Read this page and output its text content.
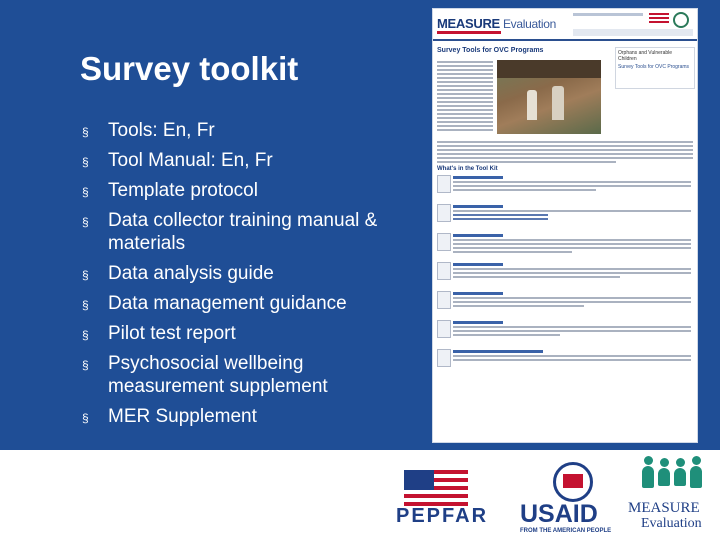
Survey toolkit
§ Tools: En, Fr
§ Tool Manual: En, Fr
§ Template protocol
§ Data collector training manual & materials
§ Data analysis guide
§ Data management guidance
§ Pilot test report
§ Psychosocial wellbeing measurement supplement
§ MER Supplement
MEASURE Evaluation
Survey Tools for OVC Programs	Orphans and Vulnerable Children
Survey Tools for OVC Programs
What's in the Tool Kit
PEPFAR	USAID
FROM THE AMERICAN PEOPLE
MEASURE
Evaluation
